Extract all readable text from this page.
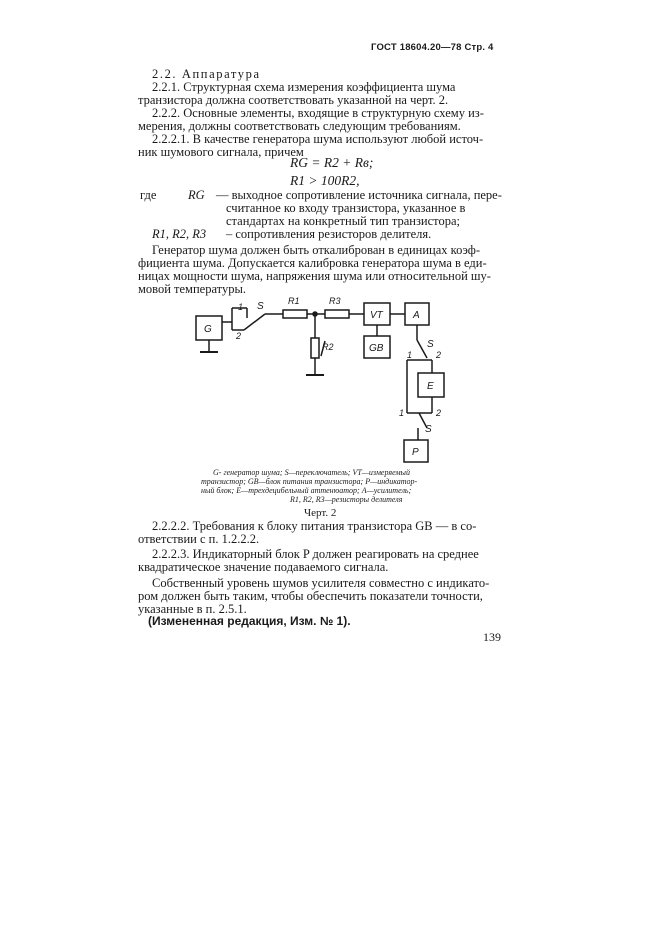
ГОСТ 18604.20—78 Стр. 4
2.2. Аппаратура
2.2.1. Структурная схема измерения коэффициента шума
транзистора должна соответствовать указанной на черт. 2.
2.2.2. Основные элементы, входящие в структурную схему из-
мерения, должны соответствовать следующим требованиям.
2.2.2.1. В качестве генератора шума используют любой источ-
ник шумового сигнала, причем
RG = R2 + Rв;
R1 > 100R2,
где	RG — выходное сопротивление источника сигнала, пере-
считанное ко входу транзистора, указанное в
стандартах на конкретный тип транзистора;
R1, R2, R3 – сопротивления резисторов делителя.
Генератор шума должен быть откалиброван в единицах коэф-
фициента шума. Допускается калибровка генератора шума в еди-
ницах мощности шума, напряжения шума или относительной шу-
мовой температуры.
G
S	R1	R3
R2
VT
GB
A
E
P
S
S
1
2
1	2
1	2
G- генератор шума; S—переключатель; VT—измеряемый
транзистор; GB—блок питания транзистора; P—индикатор-
ный блок; E—трехдецибельный аттенюатор; A—усилитель;
R1, R2, R3—резисторы делителя
Черт. 2
2.2.2.2. Требования к блоку питания транзистора GB — в со-
ответствии с п. 1.2.2.2.
2.2.2.3. Индикаторный блок P должен реагировать на среднее
квадратическое значение подаваемого сигнала.
Собственный уровень шумов усилителя совместно с индикато-
ром должен быть таким, чтобы обеспечить показатели точности,
указанные в п. 2.5.1.
(Измененная редакция, Изм. № 1).
139
